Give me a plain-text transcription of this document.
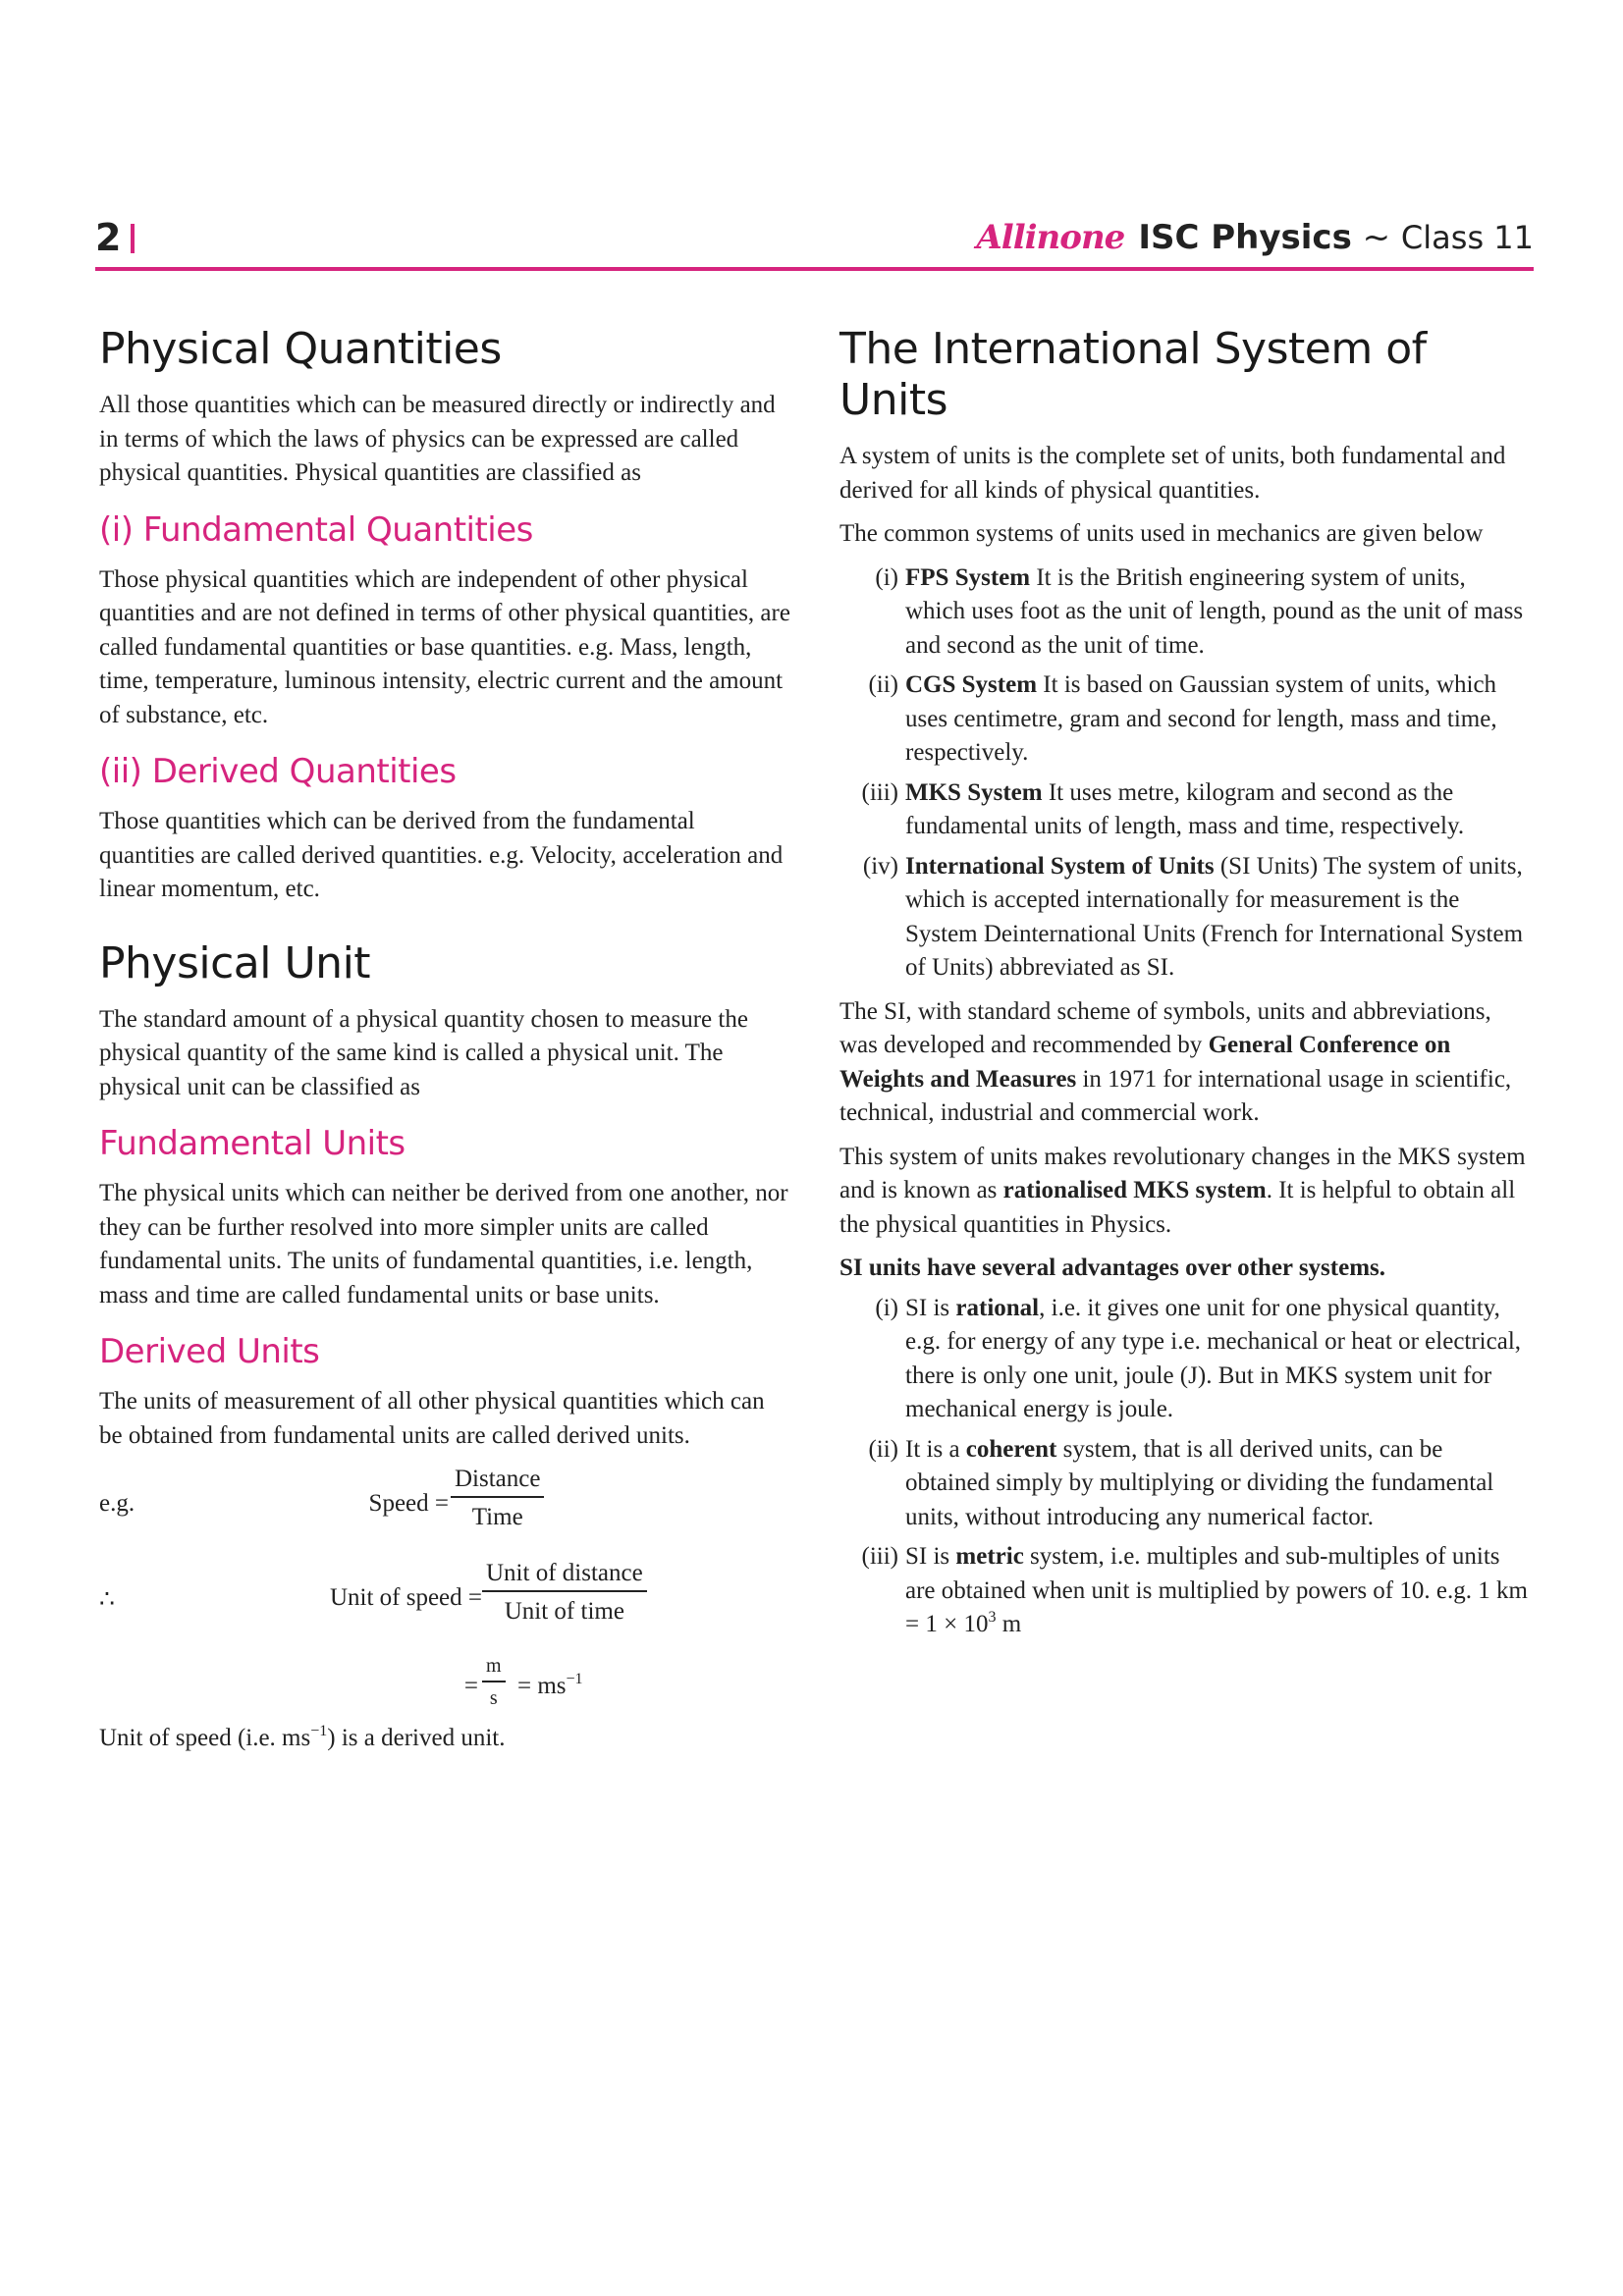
2	Allinone ISC Physics ~ Class 11
Physical Quantities

All those quantities which can be measured directly or indirectly and in terms of which the laws of physics can be expressed are called physical quantities. Physical quantities are classified as

(i) Fundamental Quantities

Those physical quantities which are independent of other physical quantities and are not defined in terms of other physical quantities, are called fundamental quantities or base quantities. e.g. Mass, length, time, temperature, luminous intensity, electric current and the amount of substance, etc.

(ii) Derived Quantities

Those quantities which can be derived from the fundamental quantities are called derived quantities. e.g. Velocity, acceleration and linear momentum, etc.

Physical Unit

The standard amount of a physical quantity chosen to measure the physical quantity of the same kind is called a physical unit. The physical unit can be classified as

Fundamental Units

The physical units which can neither be derived from one another, nor they can be further resolved into more simpler units are called fundamental units. The units of fundamental quantities, i.e. length, mass and time are called fundamental units or base units.

Derived Units

The units of measurement of all other physical quantities which can be obtained from fundamental units are called derived units.

e.g.	Speed =
Distance
Time
∴	Unit of speed =
Unit of distance
Unit of time
= $\frac{m}{s} = ms^{-1}$

Unit of speed (i.e. $ms^{-1}$) is a derived unit.

The International System of Units

A system of units is the complete set of units, both fundamental and derived for all kinds of physical quantities.

The common systems of units used in mechanics are given below

(i) FPS System It is the British engineering system of units, which uses foot as the unit of length, pound as the unit of mass and second as the unit of time.
(ii) CGS System It is based on Gaussian system of units, which uses centimetre, gram and second for length, mass and time, respectively.
(iii) MKS System It uses metre, kilogram and second as the fundamental units of length, mass and time, respectively.
(iv) International System of Units (SI Units) The system of units, which is accepted internationally for measurement is the System Deinternational Units (French for International System of Units) abbreviated as SI.

The SI, with standard scheme of symbols, units and abbreviations, was developed and recommended by General Conference on Weights and Measures in 1971 for international usage in scientific, technical, industrial and commercial work.

This system of units makes revolutionary changes in the MKS system and is known as rationalised MKS system. It is helpful to obtain all the physical quantities in Physics.

SI units have several advantages over other systems.

(i) SI is rational, i.e. it gives one unit for one physical quantity, e.g. for energy of any type i.e. mechanical or heat or electrical, there is only one unit, joule (J). But in MKS system unit for mechanical energy is joule.
(ii) It is a coherent system, that is all derived units, can be obtained simply by multiplying or dividing the fundamental units, without introducing any numerical factor.
(iii) SI is metric system, i.e. multiples and sub-multiples of units are obtained when unit is multiplied by powers of 10. e.g. 1 km = $1 \times 10^3$ m
